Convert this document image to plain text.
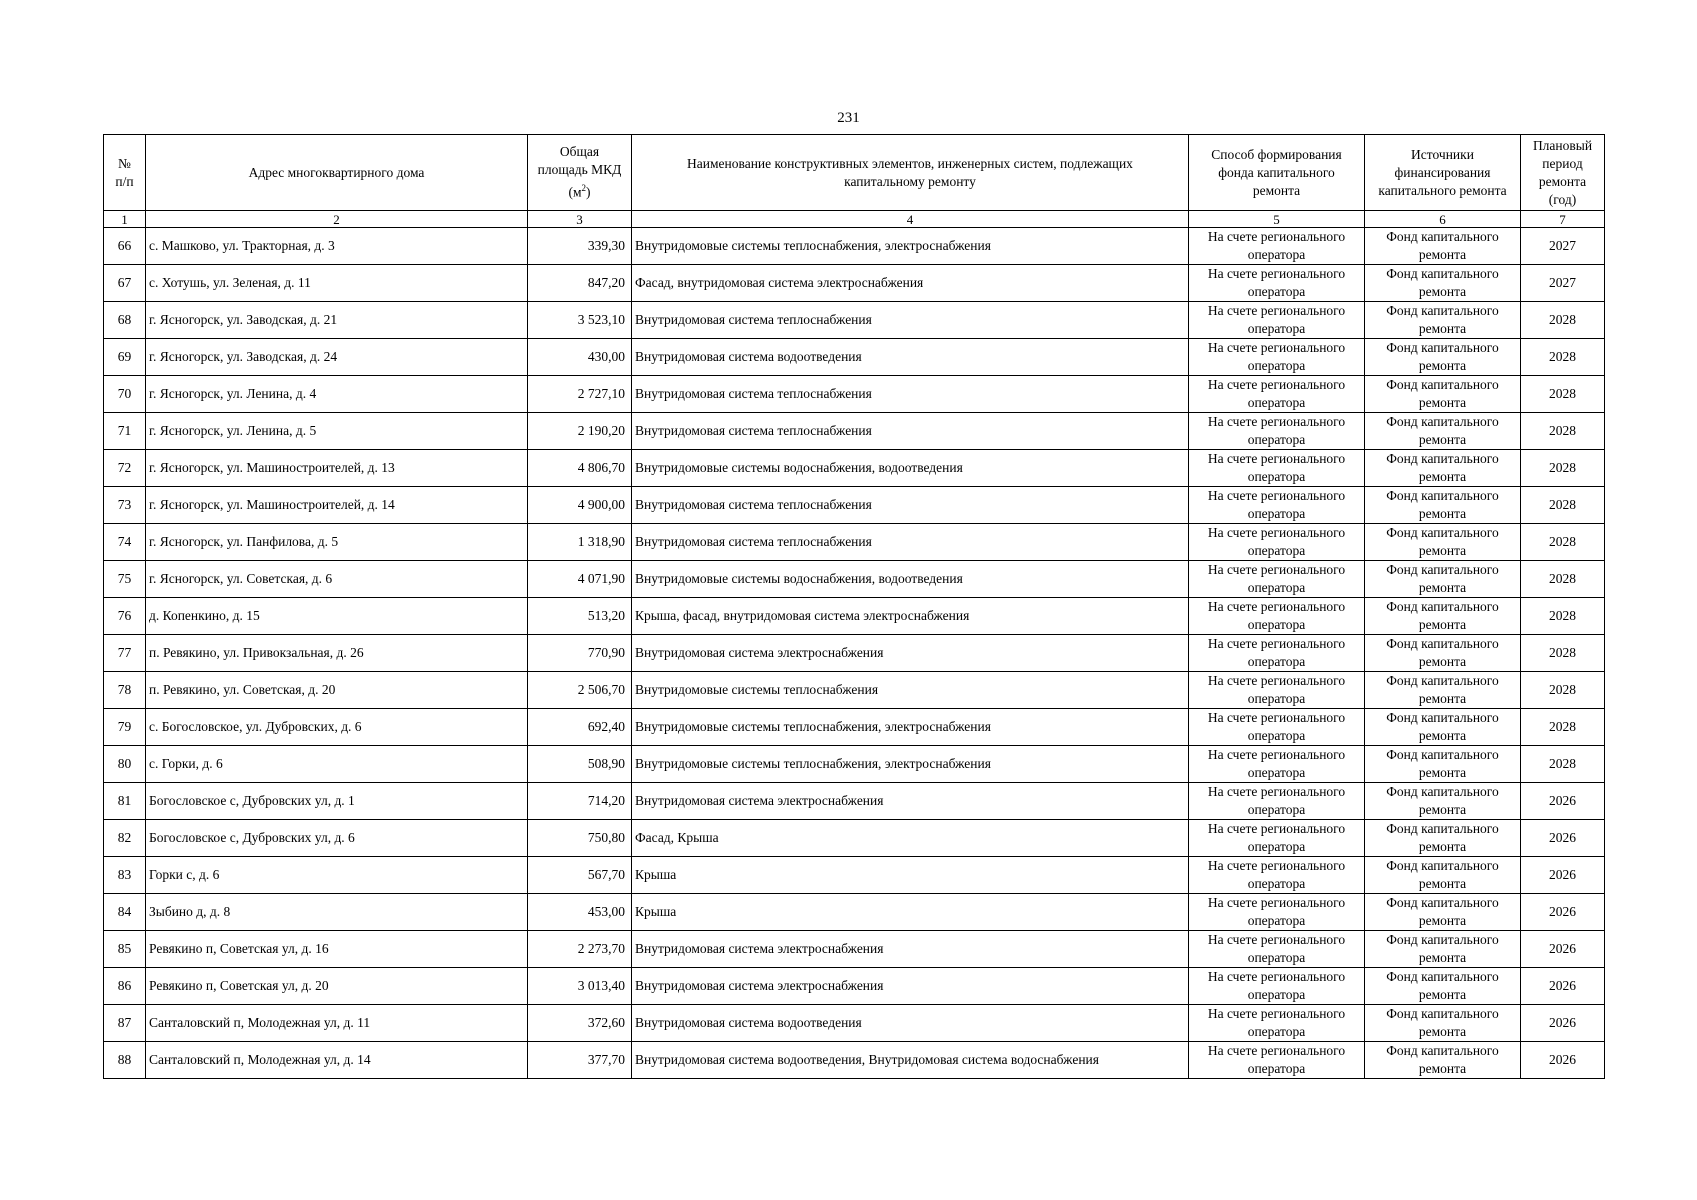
231
№
п/п	Адрес многоквартирного дома	Общая
площадь МКД
$(м^2)$	Наименование конструктивных элементов, инженерных систем, подлежащих
капитальному ремонту	Способ формирования
фонда капитального
ремонта	Источники
финансирования
капитального ремонта	Плановый
период
ремонта
(год)
1	2	3	4	5	6	7
66	с. Машково, ул. Тракторная, д. 3	339,30	Внутридомовые системы теплоснабжения, электроснабжения	На счете регионального
оператора	Фонд капитального
ремонта	2027
67	с. Хотушь, ул. Зеленая, д. 11	847,20	Фасад, внутридомовая система электроснабжения	На счете регионального
оператора	Фонд капитального
ремонта	2027
68	г. Ясногорск, ул. Заводская, д. 21	3 523,10	Внутридомовая система теплоснабжения	На счете регионального
оператора	Фонд капитального
ремонта	2028
69	г. Ясногорск, ул. Заводская, д. 24	430,00	Внутридомовая система водоотведения	На счете регионального
оператора	Фонд капитального
ремонта	2028
70	г. Ясногорск, ул. Ленина, д. 4	2 727,10	Внутридомовая система теплоснабжения	На счете регионального
оператора	Фонд капитального
ремонта	2028
71	г. Ясногорск, ул. Ленина, д. 5	2 190,20	Внутридомовая система теплоснабжения	На счете регионального
оператора	Фонд капитального
ремонта	2028
72	г. Ясногорск, ул. Машиностроителей, д. 13	4 806,70	Внутридомовые системы водоснабжения, водоотведения	На счете регионального
оператора	Фонд капитального
ремонта	2028
73	г. Ясногорск, ул. Машиностроителей, д. 14	4 900,00	Внутридомовая система теплоснабжения	На счете регионального
оператора	Фонд капитального
ремонта	2028
74	г. Ясногорск, ул. Панфилова, д. 5	1 318,90	Внутридомовая система теплоснабжения	На счете регионального
оператора	Фонд капитального
ремонта	2028
75	г. Ясногорск, ул. Советская, д. 6	4 071,90	Внутридомовые системы водоснабжения, водоотведения	На счете регионального
оператора	Фонд капитального
ремонта	2028
76	д. Копенкино, д. 15	513,20	Крыша, фасад, внутридомовая система электроснабжения	На счете регионального
оператора	Фонд капитального
ремонта	2028
77	п. Ревякино, ул. Привокзальная, д. 26	770,90	Внутридомовая система электроснабжения	На счете регионального
оператора	Фонд капитального
ремонта	2028
78	п. Ревякино, ул. Советская, д. 20	2 506,70	Внутридомовые системы теплоснабжения	На счете регионального
оператора	Фонд капитального
ремонта	2028
79	с. Богословское, ул. Дубровских, д. 6	692,40	Внутридомовые системы теплоснабжения, электроснабжения	На счете регионального
оператора	Фонд капитального
ремонта	2028
80	с. Горки, д. 6	508,90	Внутридомовые системы теплоснабжения, электроснабжения	На счете регионального
оператора	Фонд капитального
ремонта	2028
81	Богословское с, Дубровских ул, д. 1	714,20	Внутридомовая система электроснабжения	На счете регионального
оператора	Фонд капитального
ремонта	2026
82	Богословское с, Дубровских ул, д. 6	750,80	Фасад, Крыша	На счете регионального
оператора	Фонд капитального
ремонта	2026
83	Горки с, д. 6	567,70	Крыша	На счете регионального
оператора	Фонд капитального
ремонта	2026
84	Зыбино д, д. 8	453,00	Крыша	На счете регионального
оператора	Фонд капитального
ремонта	2026
85	Ревякино п, Советская ул, д. 16	2 273,70	Внутридомовая система электроснабжения	На счете регионального
оператора	Фонд капитального
ремонта	2026
86	Ревякино п, Советская ул, д. 20	3 013,40	Внутридомовая система электроснабжения	На счете регионального
оператора	Фонд капитального
ремонта	2026
87	Санталовский п, Молодежная ул, д. 11	372,60	Внутридомовая система водоотведения	На счете регионального
оператора	Фонд капитального
ремонта	2026
88	Санталовский п, Молодежная ул, д. 14	377,70	Внутридомовая система водоотведения, Внутридомовая система водоснабжения	На счете регионального
оператора	Фонд капитального
ремонта	2026
